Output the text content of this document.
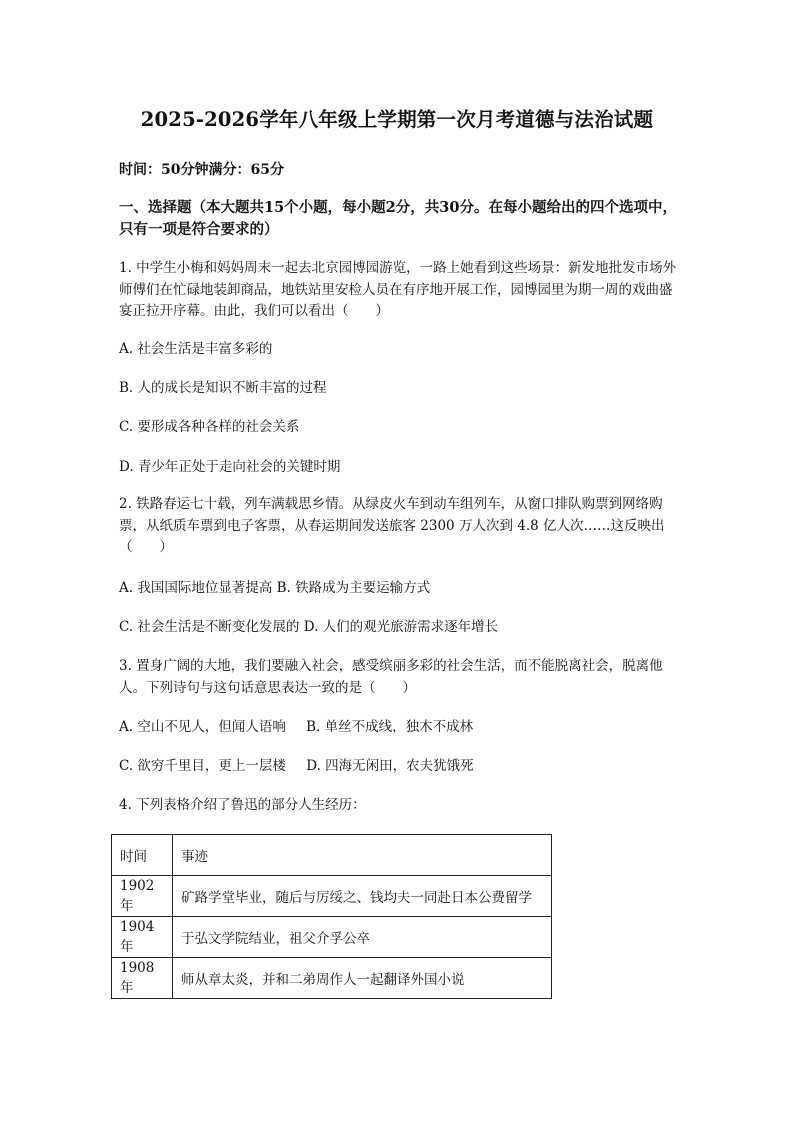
2025-2026学年八年级上学期第一次月考道德与法治试题
时间：50分钟满分：65分
一、选择题（本大题共15个小题，每小题2分，共30分。在每小题给出的四个选项中，只有一项是符合要求的）
1. 中学生小梅和妈妈周末一起去北京园博园游览，一路上她看到这些场景：新发地批发市场外师傅们在忙碌地装卸商品，地铁站里安检人员在有序地开展工作，园博园里为期一周的戏曲盛宴正拉开序幕。由此，我们可以看出（　　）
A. 社会生活是丰富多彩的
B. 人的成长是知识不断丰富的过程
C. 要形成各种各样的社会关系
D. 青少年正处于走向社会的关键时期
2. 铁路春运七十载，列车满载思乡情。从绿皮火车到动车组列车，从窗口排队购票到网络购票，从纸质车票到电子客票，从春运期间发送旅客 2300 万人次到 4.8 亿人次……这反映出（　　）
A. 我国国际地位显著提高 B. 铁路成为主要运输方式
C. 社会生活是不断变化发展的 D. 人们的观光旅游需求逐年增长
3. 置身广阔的大地，我们要融入社会，感受缤丽多彩的社会生活，而不能脱离社会，脱离他人。下列诗句与这句话意思表达一致的是（　　）
A. 空山不见人，但闻人语响 B. 单丝不成线，独木不成林
C. 欲穷千里目，更上一层楼 D. 四海无闲田，农夫犹饿死
4. 下列表格介绍了鲁迅的部分人生经历：
时间	事迹
1902年	矿路学堂毕业，随后与厉绥之、钱均夫一同赴日本公费留学
1904年	于弘文学院结业，祖父介孚公卒
1908年	师从章太炎，并和二弟周作人一起翻译外国小说
